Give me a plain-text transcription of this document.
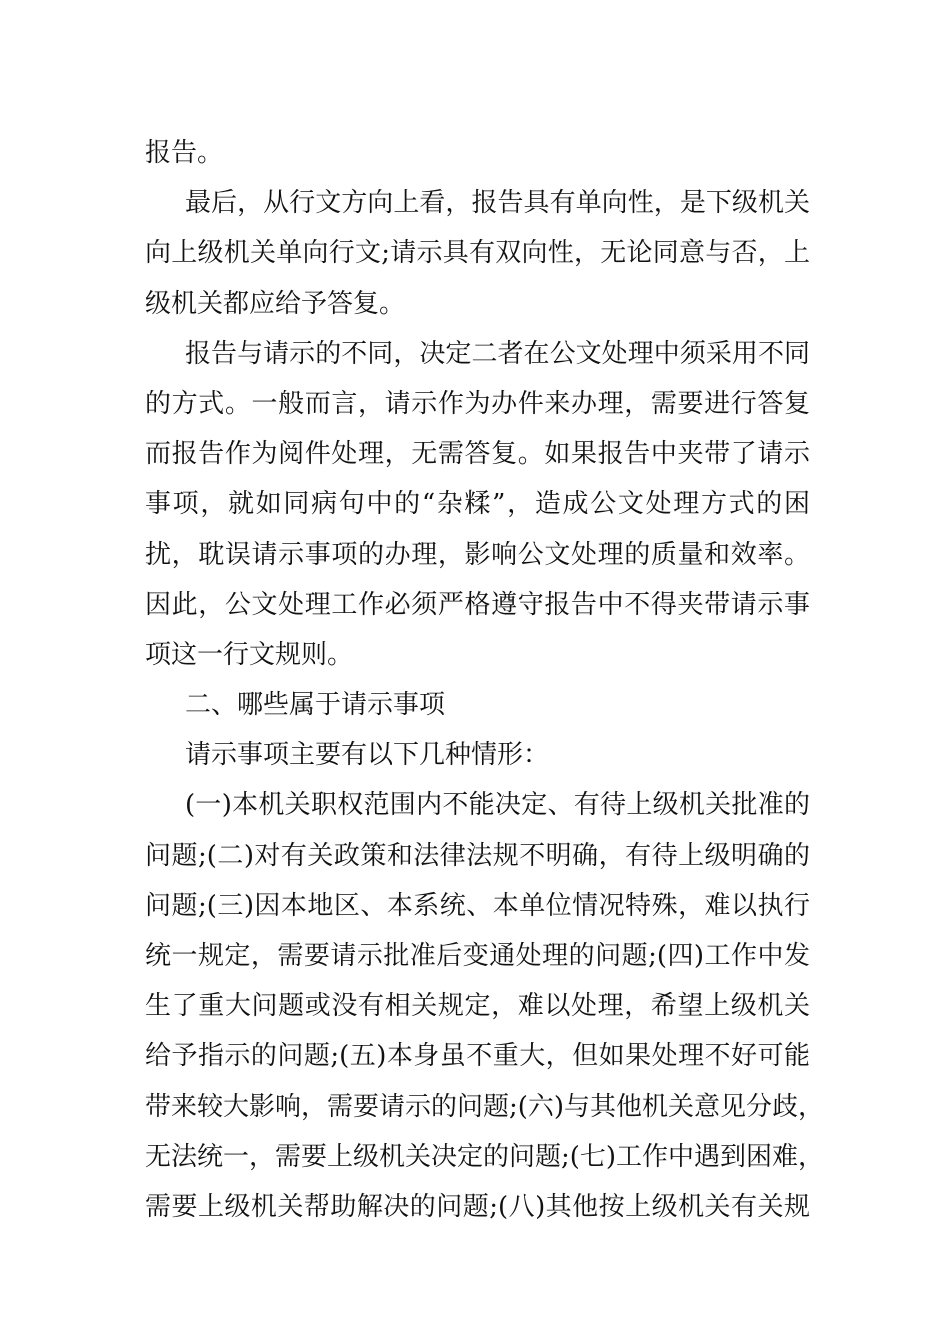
报告。
最后，从行文方向上看，报告具有单向性，是下级机关
向上级机关单向行文;请示具有双向性，无论同意与否，上
级机关都应给予答复。
报告与请示的不同，决定二者在公文处理中须采用不同
的方式。一般而言，请示作为办件来办理，需要进行答复
而报告作为阅件处理，无需答复。如果报告中夹带了请示
事项，就如同病句中的“杂糅”，造成公文处理方式的困
扰，耽误请示事项的办理，影响公文处理的质量和效率。
因此，公文处理工作必须严格遵守报告中不得夹带请示事
项这一行文规则。
二、哪些属于请示事项
请示事项主要有以下几种情形：
(一)本机关职权范围内不能决定、有待上级机关批准的
问题;(二)对有关政策和法律法规不明确，有待上级明确的
问题;(三)因本地区、本系统、本单位情况特殊，难以执行
统一规定，需要请示批准后变通处理的问题;(四)工作中发
生了重大问题或没有相关规定，难以处理，希望上级机关
给予指示的问题;(五)本身虽不重大，但如果处理不好可能
带来较大影响，需要请示的问题;(六)与其他机关意见分歧，
无法统一，需要上级机关决定的问题;(七)工作中遇到困难，
需要上级机关帮助解决的问题;(八)其他按上级机关有关规
